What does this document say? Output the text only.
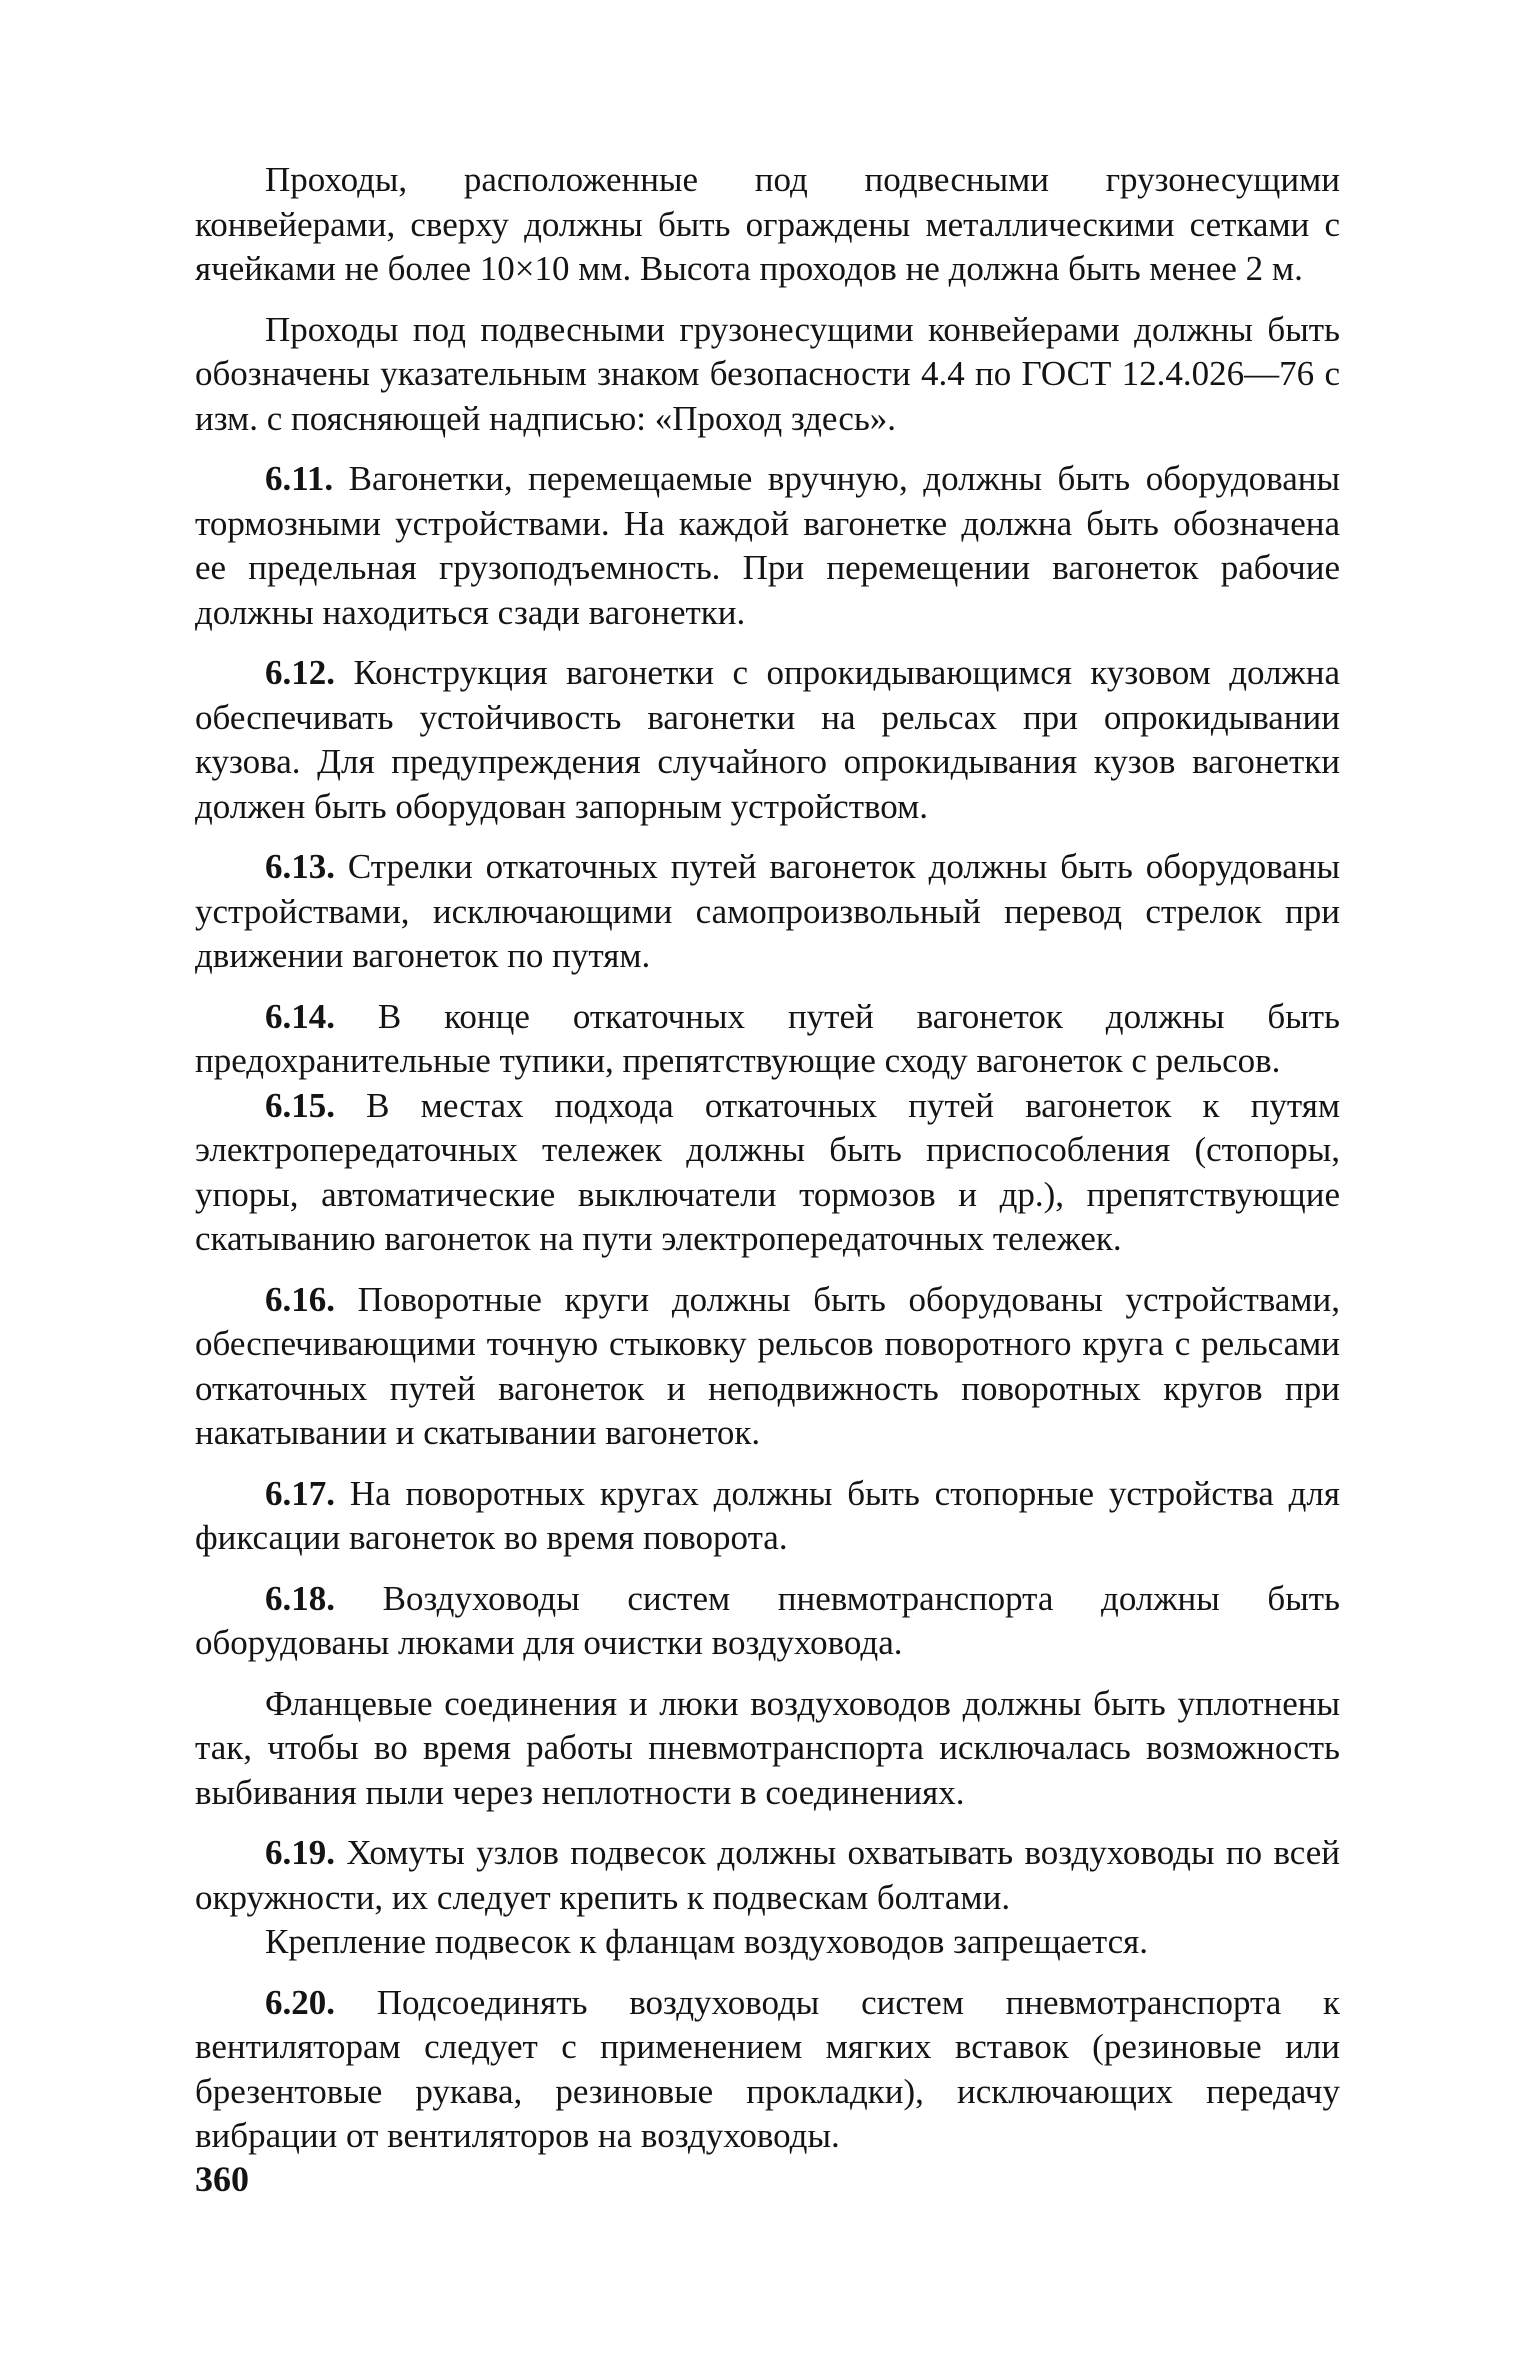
Проходы, расположенные под подвесными грузонесущими конвейерами, сверху должны быть ограждены металлическими сетками с ячейками не более 10×10 мм. Высота проходов не должна быть менее 2 м.

Проходы под подвесными грузонесущими конвейерами должны быть обозначены указательным знаком безопасности 4.4 по ГОСТ 12.4.026—76 с изм. с поясняющей надписью: «Проход здесь».

6.11. Вагонетки, перемещаемые вручную, должны быть оборудованы тормозными устройствами. На каждой вагонетке должна быть обозначена ее предельная грузоподъемность. При перемещении вагонеток рабочие должны находиться сзади вагонетки.

6.12. Конструкция вагонетки с опрокидывающимся кузовом должна обеспечивать устойчивость вагонетки на рельсах при опрокидывании кузова. Для предупреждения случайного опрокидывания кузов вагонетки должен быть оборудован запорным устройством.

6.13. Стрелки откаточных путей вагонеток должны быть оборудованы устройствами, исключающими самопроизвольный перевод стрелок при движении вагонеток по путям.

6.14. В конце откаточных путей вагонеток должны быть предохранительные тупики, препятствующие сходу вагонеток с рельсов.

6.15. В местах подхода откаточных путей вагонеток к путям электропередаточных тележек должны быть приспособления (стопоры, упоры, автоматические выключатели тормозов и др.), препятствующие скатыванию вагонеток на пути электропередаточных тележек.

6.16. Поворотные круги должны быть оборудованы устройствами, обеспечивающими точную стыковку рельсов поворотного круга с рельсами откаточных путей вагонеток и неподвижность поворотных кругов при накатывании и скатывании вагонеток.

6.17. На поворотных кругах должны быть стопорные устройства для фиксации вагонеток во время поворота.

6.18. Воздуховоды систем пневмотранспорта должны быть оборудованы люками для очистки воздуховода.

Фланцевые соединения и люки воздуховодов должны быть уплотнены так, чтобы во время работы пневмотранспорта исключалась возможность выбивания пыли через неплотности в соединениях.

6.19. Хомуты узлов подвесок должны охватывать воздуховоды по всей окружности, их следует крепить к подвескам болтами.

Крепление подвесок к фланцам воздуховодов запрещается.

6.20. Подсоединять воздуховоды систем пневмотранспорта к вентиляторам следует с применением мягких вставок (резиновые или брезентовые рукава, резиновые прокладки), исключающих передачу вибрации от вентиляторов на воздуховоды.

360
